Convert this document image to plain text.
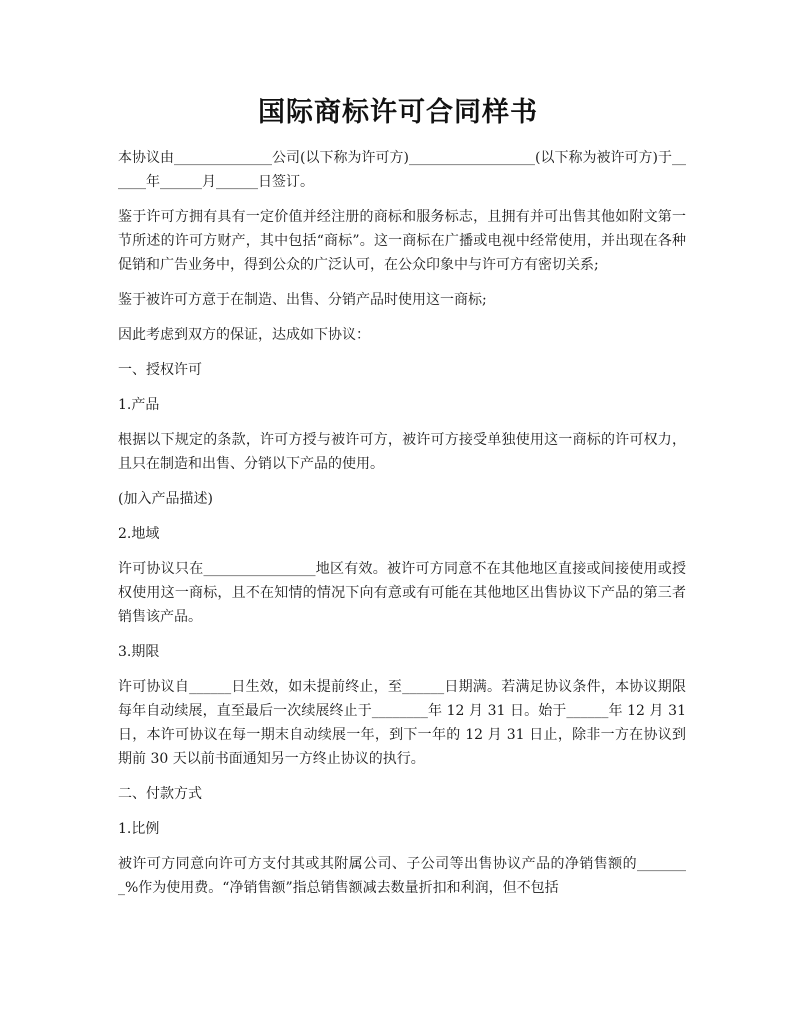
国际商标许可合同样书

本协议由______________公司(以下称为许可方)__________________(以下称为被许可方)于______年______月______日签订。

鉴于许可方拥有具有一定价值并经注册的商标和服务标志，且拥有并可出售其他如附文第一节所述的许可方财产，其中包括“商标”。这一商标在广播或电视中经常使用，并出现在各种促销和广告业务中，得到公众的广泛认可，在公众印象中与许可方有密切关系;

鉴于被许可方意于在制造、出售、分销产品时使用这一商标;

因此考虑到双方的保证，达成如下协议：

一、授权许可

1.产品

根据以下规定的条款，许可方授与被许可方，被许可方接受单独使用这一商标的许可权力，且只在制造和出售、分销以下产品的使用。

(加入产品描述)

2.地域

许可协议只在________________地区有效。被许可方同意不在其他地区直接或间接使用或授权使用这一商标，且不在知情的情况下向有意或有可能在其他地区出售协议下产品的第三者销售该产品。

3.期限

许可协议自______日生效，如未提前终止，至______日期满。若满足协议条件，本协议期限每年自动续展，直至最后一次续展终止于________年 12 月 31 日。始于______年 12 月 31 日，本许可协议在每一期末自动续展一年，到下一年的 12 月 31 日止，除非一方在协议到期前 30 天以前书面通知另一方终止协议的执行。

二、付款方式

1.比例

被许可方同意向许可方支付其或其附属公司、子公司等出售协议产品的净销售额的________%作为使用费。“净销售额”指总销售额减去数量折扣和利润，但不包括
